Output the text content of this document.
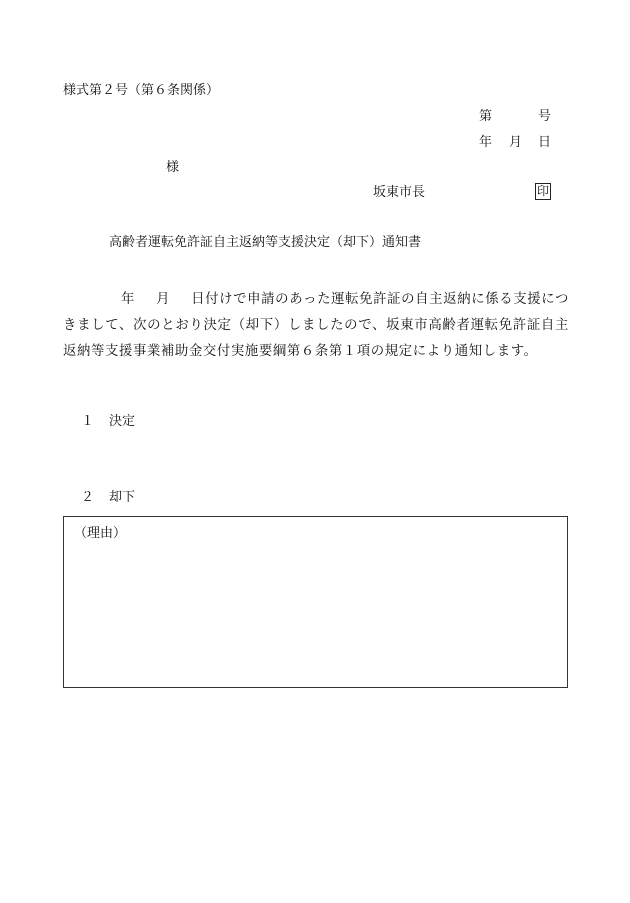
様式第２号（第６条関係）
第	号
年 月 日
様
坂東市長	印
高齢者運転免許証自主返納等支援決定（却下）通知書
年 月 日付けで申請のあった運転免許証の自主返納に係る支援につきまして、次のとおり決定（却下）しましたので、坂東市高齢者運転免許証自主返納等支援事業補助金交付実施要綱第６条第１項の規定により通知します。
１ 決定
２ 却下
（理由）
